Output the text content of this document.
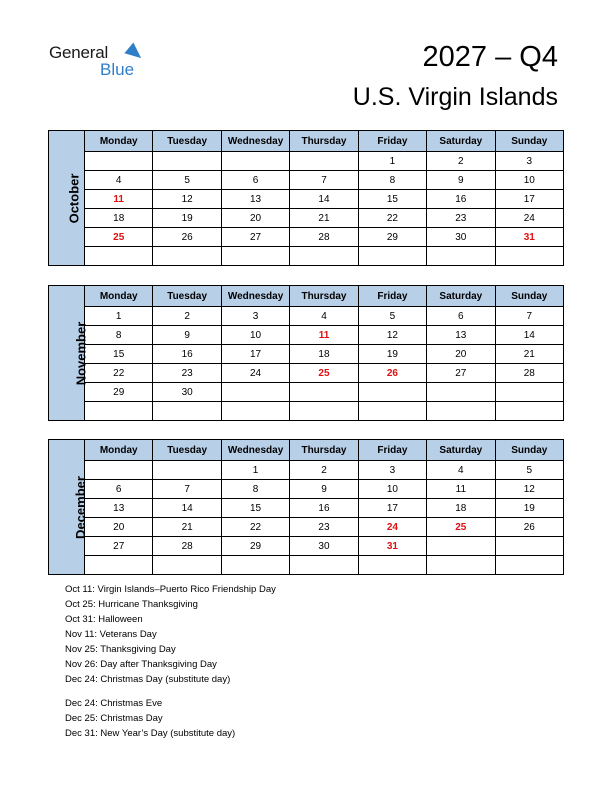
General
Blue	2027 – Q4
U.S. Virgin Islands
October	Monday	Tuesday	Wednesday	Thursday	Friday	Saturday	Sunday
					1	2	3
	4	5	6	7	8	9	10
	11	12	13	14	15	16	17
	18	19	20	21	22	23	24
	25	26	27	28	29	30	31

November	Monday	Tuesday	Wednesday	Thursday	Friday	Saturday	Sunday
	1	2	3	4	5	6	7
	8	9	10	11	12	13	14
	15	16	17	18	19	20	21
	22	23	24	25	26	27	28
	29	30					

December	Monday	Tuesday	Wednesday	Thursday	Friday	Saturday	Sunday
			1	2	3	4	5
	6	7	8	9	10	11	12
	13	14	15	16	17	18	19
	20	21	22	23	24	25	26
	27	28	29	30	31		

Oct 11: Virgin Islands–Puerto Rico Friendship Day
Oct 25: Hurricane Thanksgiving
Oct 31: Halloween
Nov 11: Veterans Day
Nov 25: Thanksgiving Day
Nov 26: Day after Thanksgiving Day
Dec 24: Christmas Day (substitute day)
Dec 24: Christmas Eve
Dec 25: Christmas Day
Dec 31: New Year’s Day (substitute day)
